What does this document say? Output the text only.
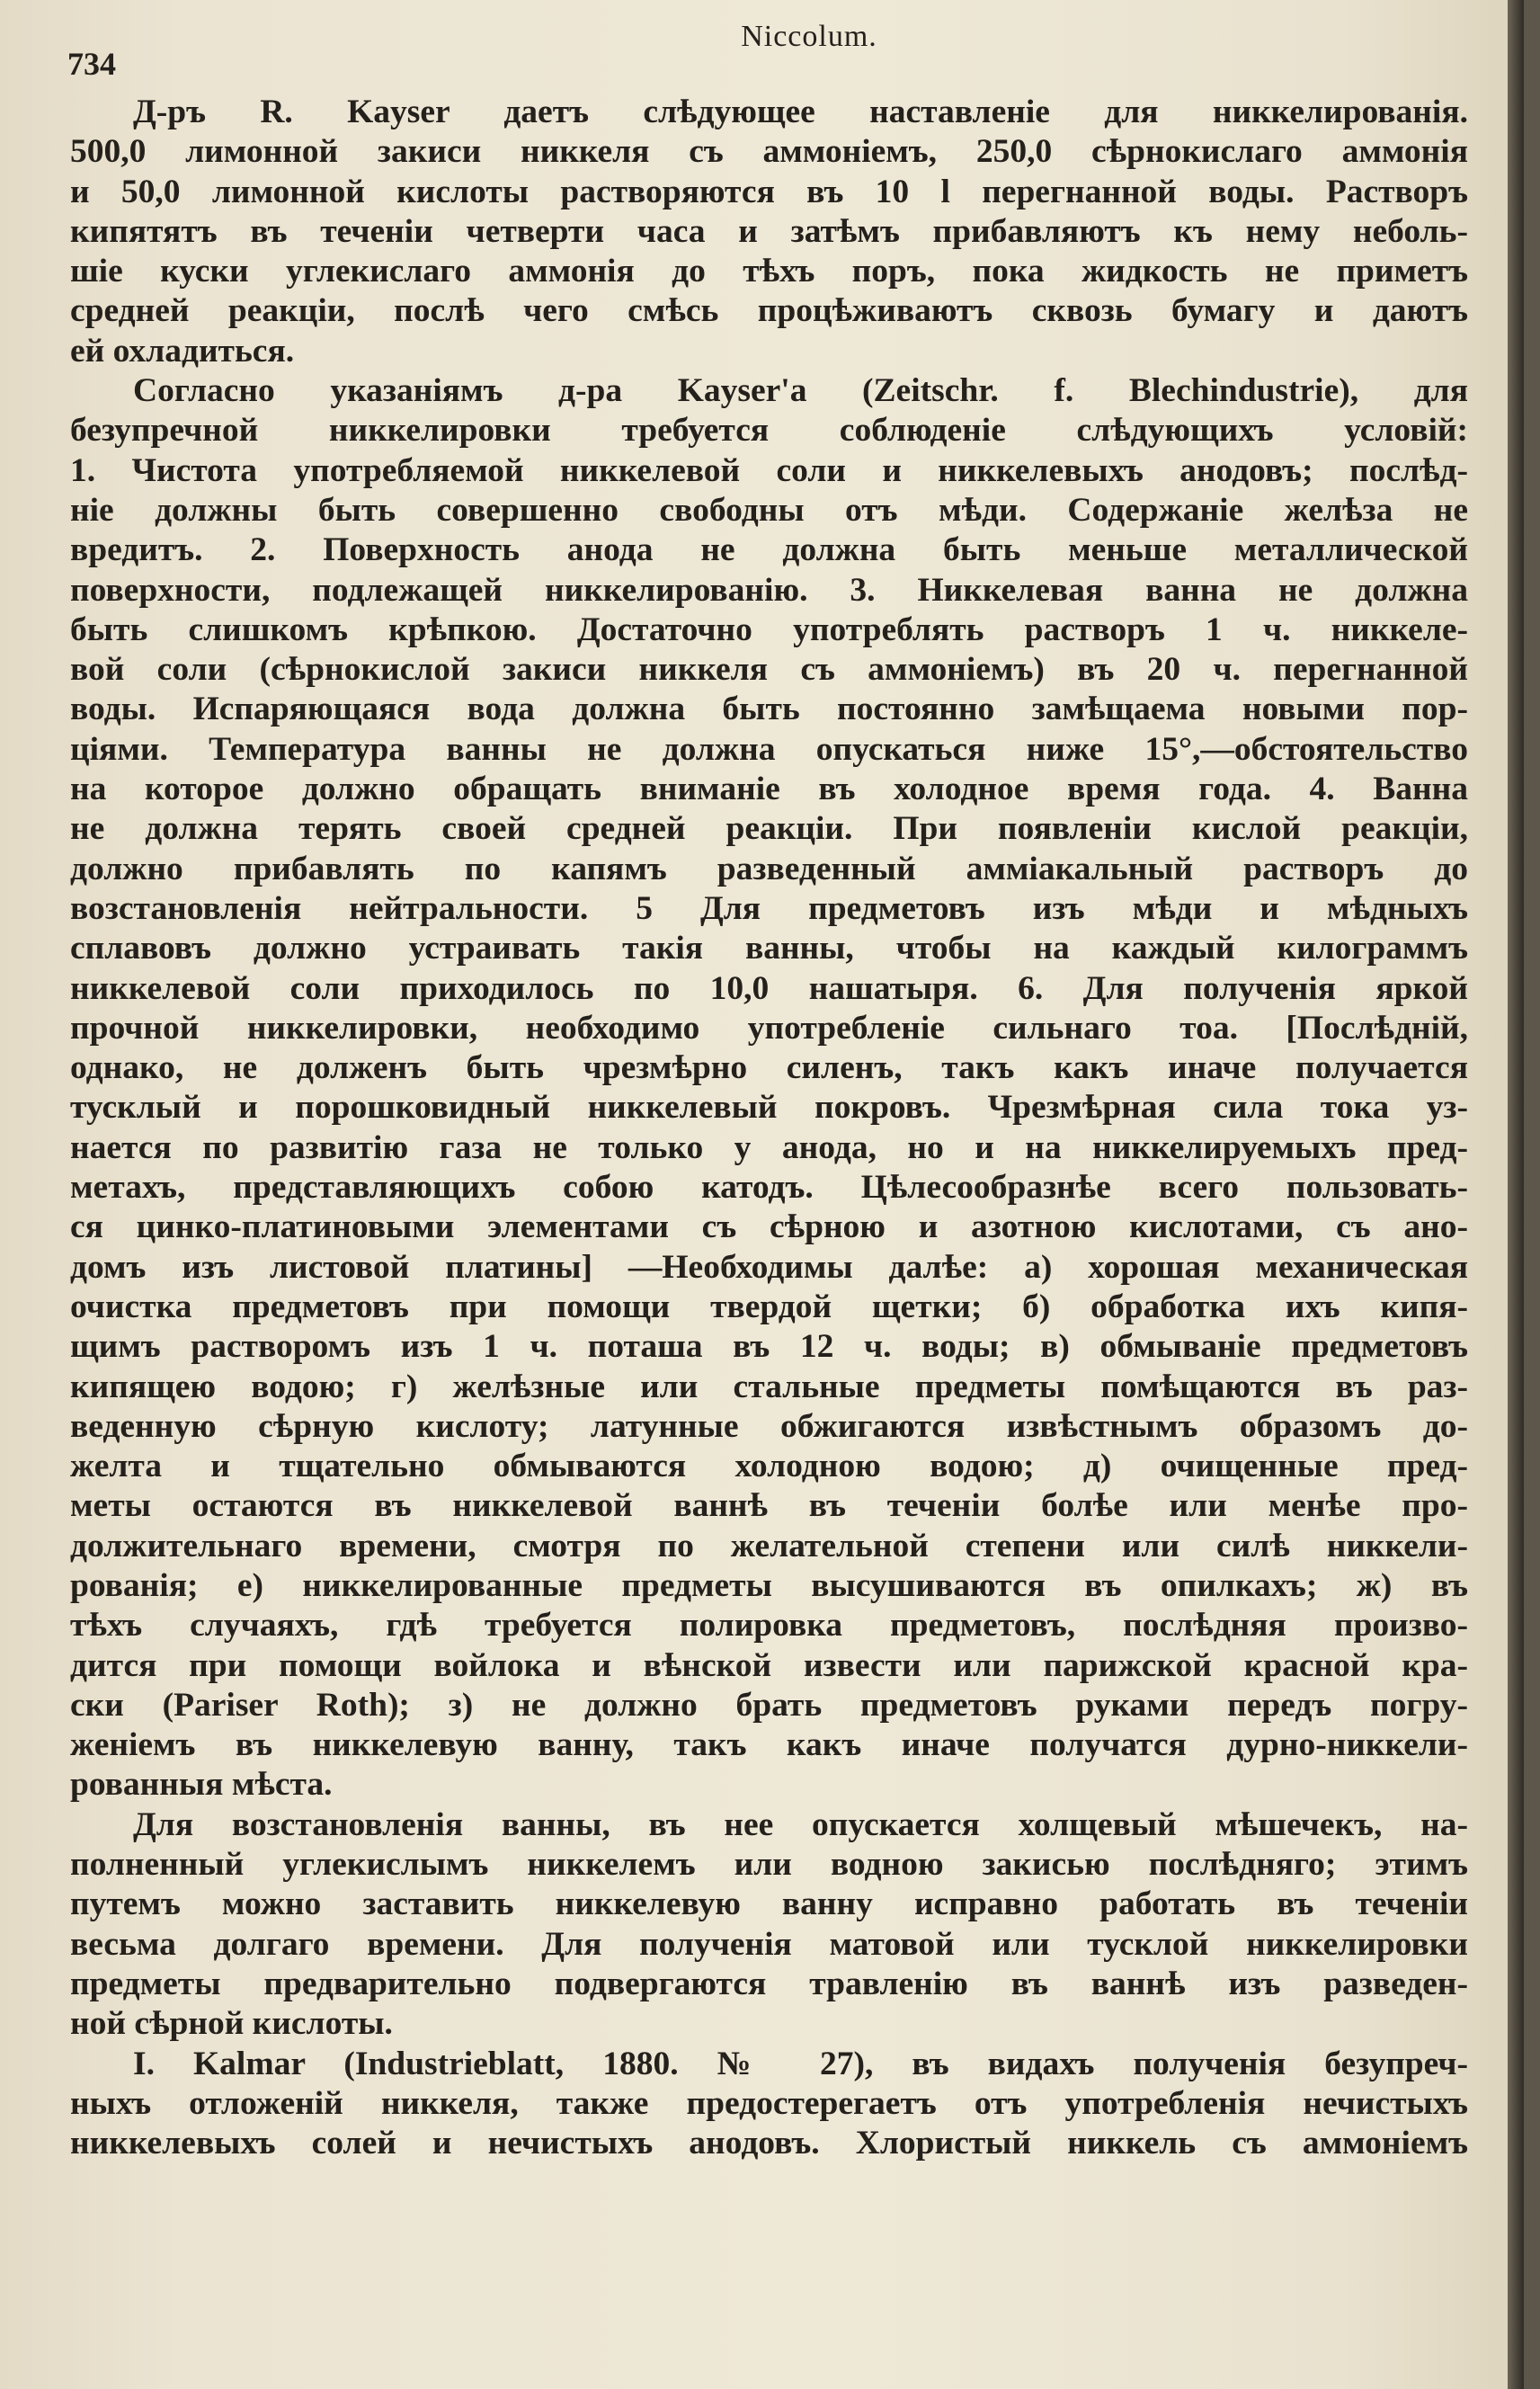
Niccolum.
734
Д-ръ R. Kayser даетъ слѣдующее наставленіе для никкелированія.
500,0 лимонной закиси никкеля съ аммоніемъ, 250,0 сѣрнокислаго аммонія
и 50,0 лимонной кислоты растворяются въ 10 l перегнанной воды. Растворъ
кипятятъ въ теченіи четверти часа и затѣмъ прибавляютъ къ нему неболь-
шіе куски углекислаго аммонія до тѣхъ поръ, пока жидкость не приметъ
средней реакціи, послѣ чего смѣсь процѣживаютъ сквозь бумагу и даютъ
ей охладиться.
Согласно указаніямъ д-ра Kayser'a (Zeitschr. f. Blechindustrie), для
безупречной никкелировки требуется соблюденіе слѣдующихъ условій:
1. Чистота употребляемой никкелевой соли и никкелевыхъ анодовъ; послѣд-
ніе должны быть совершенно свободны отъ мѣди. Содержаніе желѣза не
вредитъ. 2. Поверхность анода не должна быть меньше металлической
поверхности, подлежащей никкелированію. 3. Никкелевая ванна не должна
быть слишкомъ крѣпкою. Достаточно употреблять растворъ 1 ч. никкеле-
вой соли (сѣрнокислой закиси никкеля съ аммоніемъ) въ 20 ч. перегнанной
воды. Испаряющаяся вода должна быть постоянно замѣщаема новыми пор-
ціями. Температура ванны не должна опускаться ниже 15°,—обстоятельство
на которое должно обращать вниманіе въ холодное время года. 4. Ванна
не должна терять своей средней реакціи. При появленіи кислой реакціи,
должно прибавлять по капямъ разведенный амміакальный растворъ до
возстановленія нейтральности. 5 Для предметовъ изъ мѣди и мѣдныхъ
сплавовъ должно устраивать такія ванны, чтобы на каждый килограммъ
никкелевой соли приходилось по 10,0 нашатыря. 6. Для полученія яркой
прочной никкелировки, необходимо употребленіе сильнаго тоа. [Послѣдній,
однако, не долженъ быть чрезмѣрно силенъ, такъ какъ иначе получается
тусклый и порошковидный никкелевый покровъ. Чрезмѣрная сила тока уз-
нается по развитію газа не только у анода, но и на никкелируемыхъ пред-
метахъ, представляющихъ собою катодъ. Цѣлесообразнѣе всего пользовать-
ся цинко-платиновыми элементами съ сѣрною и азотною кислотами, съ ано-
домъ изъ листовой платины] —Необходимы далѣе: а) хорошая механическая
очистка предметовъ при помощи твердой щетки; б) обработка ихъ кипя-
щимъ растворомъ изъ 1 ч. поташа въ 12 ч. воды; в) обмываніе предметовъ
кипящею водою; г) желѣзные или стальные предметы помѣщаются въ раз-
веденную сѣрную кислоту; латунные обжигаются извѣстнымъ образомъ до-
желта и тщательно обмываются холодною водою; д) очищенные пред-
меты остаются въ никкелевой ваннѣ въ теченіи болѣе или менѣе про-
должительнаго времени, смотря по желательной степени или силѣ никкели-
рованія; е) никкелированные предметы высушиваются въ опилкахъ; ж) въ
тѣхъ случаяхъ, гдѣ требуется полировка предметовъ, послѣдняя произво-
дится при помощи войлока и вѣнской извести или парижской красной кра-
ски (Pariser Roth); з) не должно брать предметовъ руками передъ погру-
женіемъ въ никкелевую ванну, такъ какъ иначе получатся дурно-никкели-
рованныя мѣста.
Для возстановленія ванны, въ нее опускается холщевый мѣшечекъ, на-
полненный углекислымъ никкелемъ или водною закисью послѣдняго; этимъ
путемъ можно заставить никкелевую ванну исправно работать въ теченіи
весьма долгаго времени. Для полученія матовой или тусклой никкелировки
предметы предварительно подвергаются травленію въ ваннѣ изъ разведен-
ной сѣрной кислоты.
I. Kalmar (Industrieblatt, 1880. № 27), въ видахъ полученія безупреч-
ныхъ отложеній никкеля, также предостерегаетъ отъ употребленія нечистыхъ
никкелевыхъ солей и нечистыхъ анодовъ. Хлористый никкель съ аммоніемъ
